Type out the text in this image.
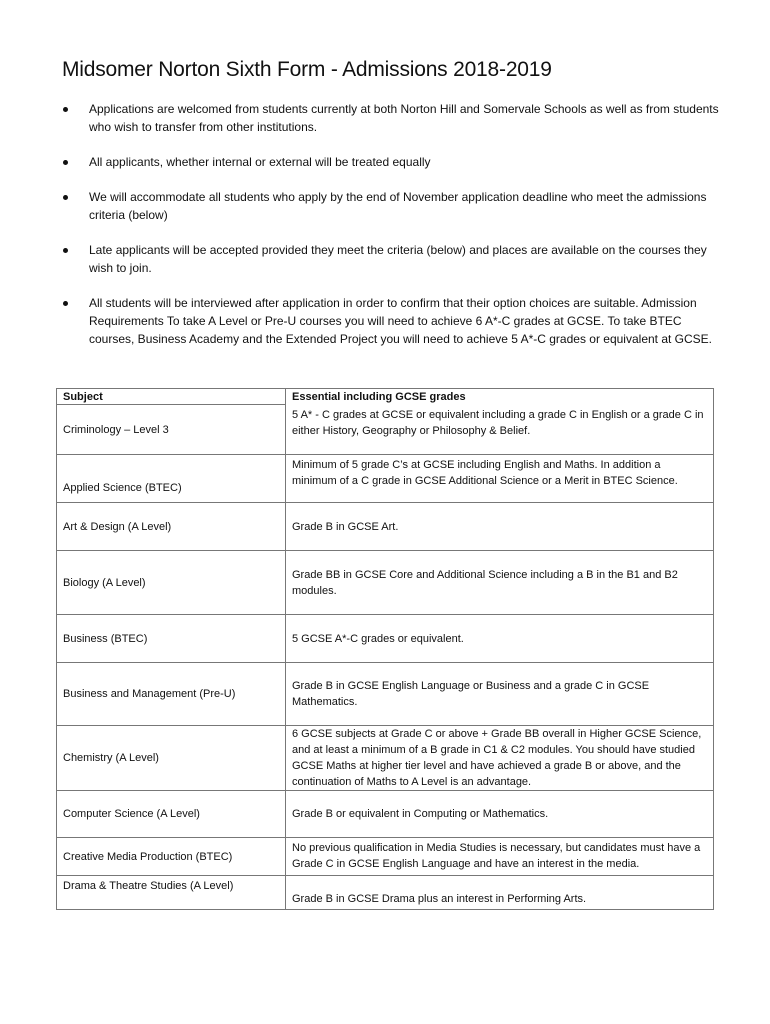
Midsomer Norton Sixth Form - Admissions 2018-2019
Applications are welcomed from students currently at both Norton Hill and Somervale Schools as well as from students who wish to transfer from other institutions.
All applicants, whether internal or external will be treated equally
We will accommodate all students who apply by the end of November application deadline who meet the admissions criteria (below)
Late applicants will be accepted provided they meet the criteria (below) and places are available on the courses they wish to join.
All students will be interviewed after application in order to confirm that their option choices are suitable. Admission Requirements To take A Level or Pre-U courses you will need to achieve 6 A*-C grades at GCSE. To take BTEC courses, Business Academy and the Extended Project you will need to achieve 5 A*-C grades or equivalent at GCSE.
Subject	Essential including GCSE grades
Criminology – Level 3	5 A* - C grades at GCSE or equivalent including a grade C in English or a grade C in either History, Geography or Philosophy & Belief.
Applied Science (BTEC)	Minimum of 5 grade C’s at GCSE including English and Maths. In addition a minimum of a C grade in GCSE Additional Science or a Merit in BTEC Science.
Art & Design (A Level)	Grade B in GCSE Art.
Biology (A Level)	Grade BB in GCSE Core and Additional Science including a B in the B1 and B2 modules.
Business (BTEC)	5 GCSE A*-C grades or equivalent.
Business and Management (Pre-U)	Grade B in GCSE English Language or Business and a grade C in GCSE Mathematics.
Chemistry (A Level)	6 GCSE subjects at Grade C or above + Grade BB overall in Higher GCSE Science, and at least a minimum of a B grade in C1 & C2 modules. You should have studied GCSE Maths at higher tier level and have achieved a grade B or above, and the continuation of Maths to A Level is an advantage.
Computer Science (A Level)	Grade B or equivalent in Computing or Mathematics.
Creative Media Production (BTEC)	No previous qualification in Media Studies is necessary, but candidates must have a Grade C in GCSE English Language and have an interest in the media.
Drama & Theatre Studies (A Level)	Grade B in GCSE Drama plus an interest in Performing Arts.
